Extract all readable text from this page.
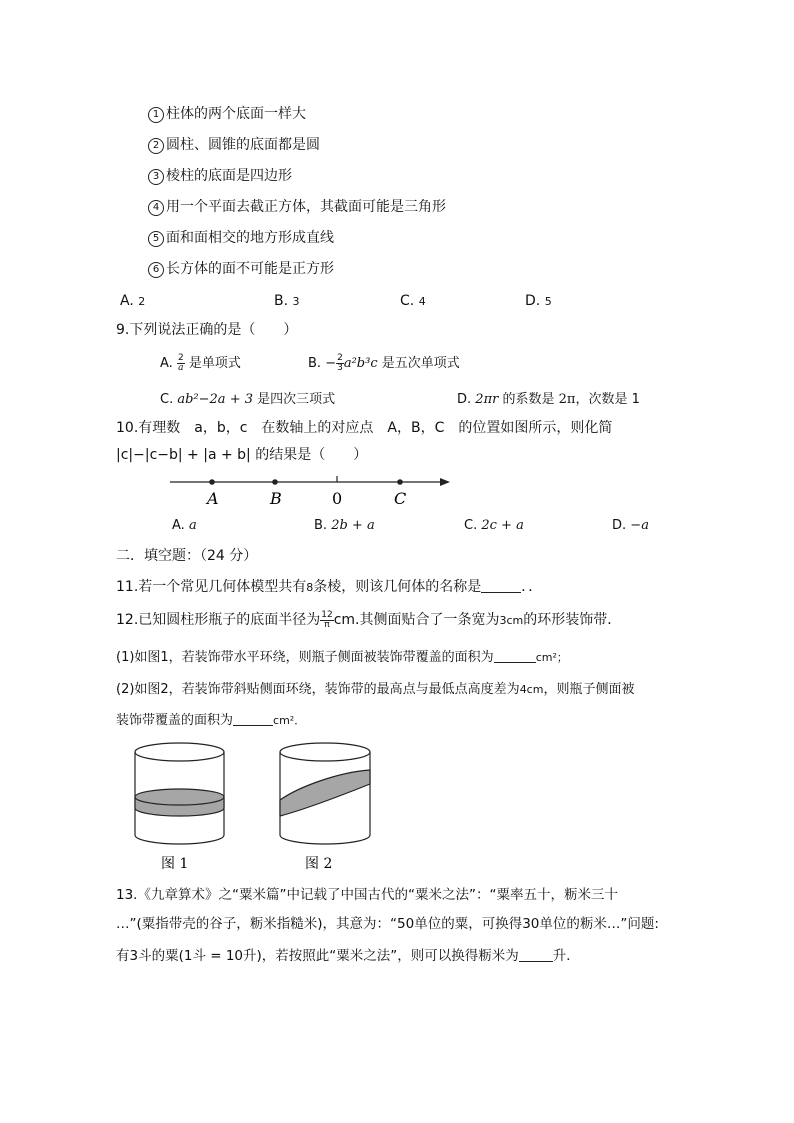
1 柱体的两个底面一样大
2 圆柱、圆锥的底面都是圆
3 棱柱的底面是四边形
4 用一个平面去截正方体，其截面可能是三角形
5 面和面相交的地方形成直线
6 长方体的面不可能是正方形
A. 2	B. 3	C. 4	D. 5
9.下列说法正确的是（　　）
A. $\frac{2}{a}$ 是单项式	B. − $\frac{2}{3} a^2b^3c$ 是五次单项式
C. ab²−2a + 3 是四次三项式	D. 2πr 的系数是 2π，次数是 1
10.有理数　a，b，c　在数轴上的对应点　A，B，C　的位置如图所示，则化简
|c|−|c−b| + |a + b| 的结果是（　　）
A	B	0	C
A. a	B. 2b + a	C. 2c + a	D. −a
二．填空题：（24 分）
11.若一个常见几何体模型共有8条棱，则该几何体的名称是	．．
12.已知圆柱形瓶子的底面半径为 $\frac{12}{\pi}$ cm.其侧面贴合了一条宽为3cm的环形装饰带．
(1)如图1，若装饰带水平环绕，则瓶子侧面被装饰带覆盖的面积为	cm²；
(2)如图2，若装饰带斜贴侧面环绕，装饰带的最高点与最低点高度差为4cm，则瓶子侧面被
装饰带覆盖的面积为	cm²．
图 1	图 2
13.《九章算术》之“粟米篇”中记载了中国古代的“粟米之法”：“粟率五十，粝米三十
…”(粟指带壳的谷子，粝米指糙米)，其意为：“50单位的粟，可换得30单位的粝米…”问题:
有3斗的粟(1斗 = 10升)，若按照此“粟米之法”，则可以换得粝米为	升．
